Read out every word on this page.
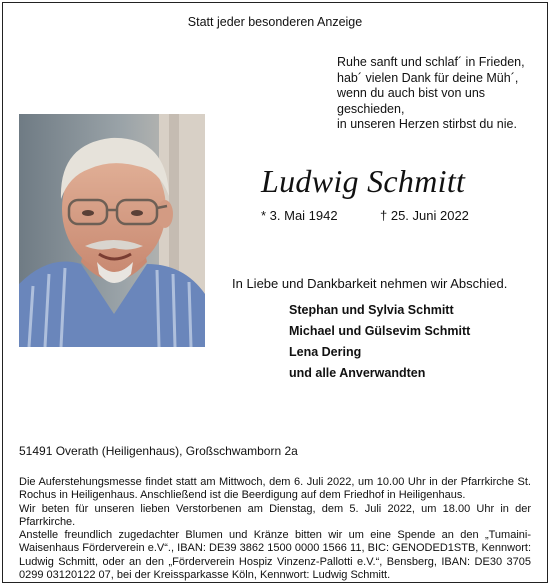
Statt jeder besonderen Anzeige
Ruhe sanft und schlaf´ in Frieden,
hab´ vielen Dank für deine Müh´,
wenn du auch bist von uns geschieden,
in unseren Herzen stirbst du nie.
Ludwig Schmitt
* 3. Mai 1942	† 25. Juni 2022
In Liebe und Dankbarkeit nehmen wir Abschied.
Stephan und Sylvia Schmitt
Michael und Gülsevim Schmitt
Lena Dering
und alle Anverwandten
51491 Overath (Heiligenhaus), Großschwamborn 2a

Die Auferstehungsmesse findet statt am Mittwoch, dem 6. Juli 2022, um 10.00 Uhr in der Pfarrkirche St. Rochus in Heiligenhaus. Anschließend ist die Beerdigung auf dem Friedhof in Heiligenhaus.

Wir beten für unseren lieben Verstorbenen am Dienstag, dem 5. Juli 2022, um 18.00 Uhr in der Pfarrkirche.

Anstelle freundlich zugedachter Blumen und Kränze bitten wir um eine Spende an den „Tumaini-Waisenhaus Förderverein e.V“., IBAN: DE39 3862 1500 0000 1566 11, BIC: GENODED1STB, Kennwort: Ludwig Schmitt, oder an den „Förderverein Hospiz Vinzenz-Pallotti e.V.“, Bensberg, IBAN: DE30 3705 0299 03120122 07, bei der Kreissparkasse Köln, Kennwort: Ludwig Schmitt.
